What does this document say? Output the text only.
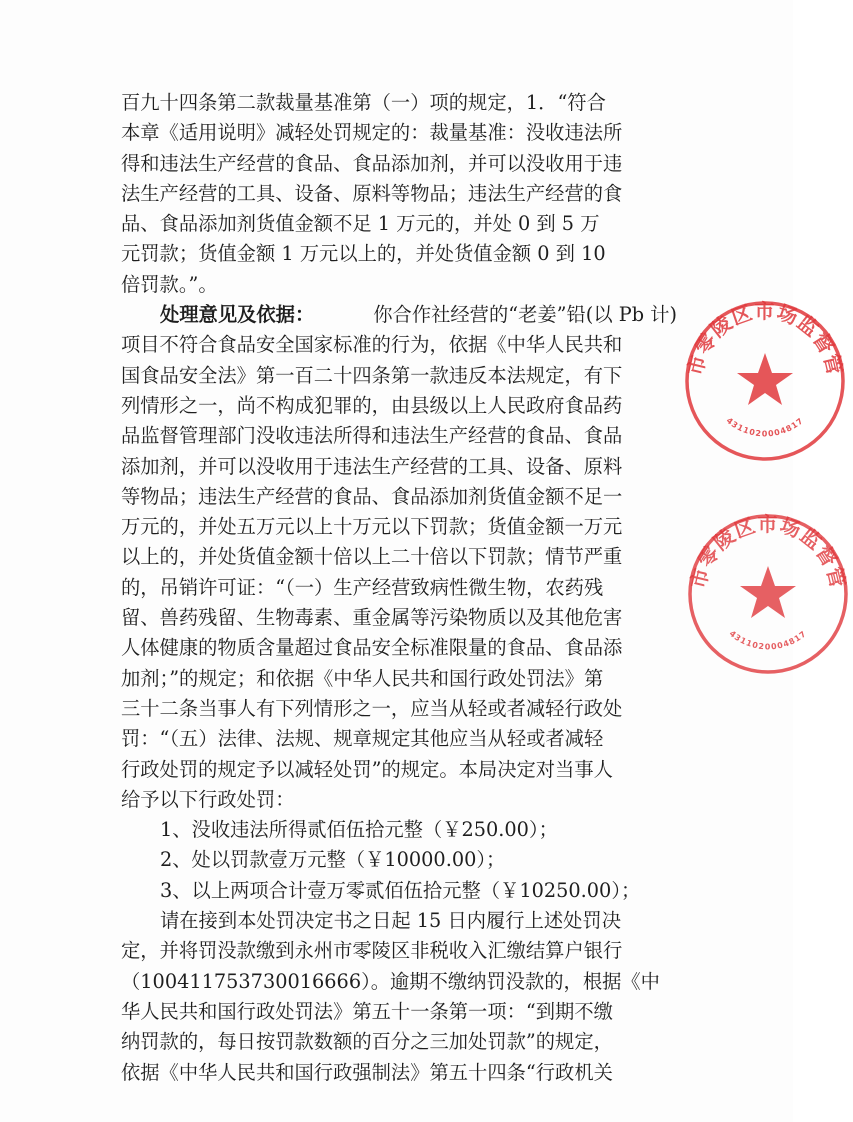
百九十四条第二款裁量基准第（一）项的规定，1．“符合
本章《适用说明》减轻处罚规定的：裁量基准：没收违法所
得和违法生产经营的食品、食品添加剂，并可以没收用于违
法生产经营的工具、设备、原料等物品；违法生产经营的食
品、食品添加剂货值金额不足 1 万元的，并处 0 到 5 万
元罚款；货值金额 1 万元以上的，并处货值金额 0 到 10
倍罚款。”。
处理意见及依据：	你合作社经营的“老姜”铅(以 Pb 计)
项目不符合食品安全国家标准的行为，依据《中华人民共和
国食品安全法》第一百二十四条第一款违反本法规定，有下
列情形之一，尚不构成犯罪的，由县级以上人民政府食品药
品监督管理部门没收违法所得和违法生产经营的食品、食品
添加剂，并可以没收用于违法生产经营的工具、设备、原料
等物品；违法生产经营的食品、食品添加剂货值金额不足一
万元的，并处五万元以上十万元以下罚款；货值金额一万元
以上的，并处货值金额十倍以上二十倍以下罚款；情节严重
的，吊销许可证：“（一）生产经营致病性微生物，农药残
留、兽药残留、生物毒素、重金属等污染物质以及其他危害
人体健康的物质含量超过食品安全标准限量的食品、食品添
加剂；”的规定；和依据《中华人民共和国行政处罚法》第
三十二条当事人有下列情形之一，应当从轻或者减轻行政处
罚：“（五）法律、法规、规章规定其他应当从轻或者减轻
行政处罚的规定予以减轻处罚”的规定。本局决定对当事人
给予以下行政处罚：
1、没收违法所得贰佰伍拾元整（￥250.00）；
2、处以罚款壹万元整（￥10000.00）；
3、以上两项合计壹万零贰佰伍拾元整（￥10250.00）；
请在接到本处罚决定书之日起 15 日内履行上述处罚决
定，并将罚没款缴到永州市零陵区非税收入汇缴结算户银行
（100411753730016666）。逾期不缴纳罚没款的，根据《中
华人民共和国行政处罚法》第五十一条第一项：“到期不缴
纳罚款的，每日按罚款数额的百分之三加处罚款”的规定，
依据《中华人民共和国行政强制法》第五十四条“行政机关
市零陵区市场监督管
4311020004817
市零陵区市场监督管
4311020004817
